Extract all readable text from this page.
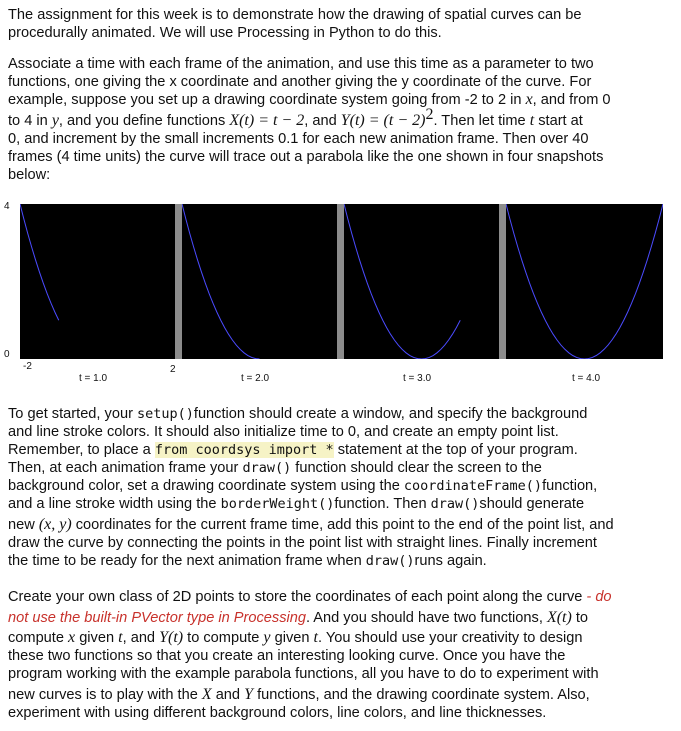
The assignment for this week is to demonstrate how the drawing of spatial curves can be
procedurally animated. We will use Processing in Python to do this.
Associate a time with each frame of the animation, and use this time as a parameter to two
functions, one giving the x coordinate and another giving the y coordinate of the curve. For
example, suppose you set up a drawing coordinate system going from -2 to 2 in x, and from 0
to 4 in y, and you define functions X(t) = t − 2, and $Y(t) = (t - 2)^2$. Then let time t start at
0, and increment by the small increments 0.1 for each new animation frame. Then over 40
frames (4 time units) the curve will trace out a parabola like the one shown in four snapshots
below:
4
0
-2	2
t = 1.0	t = 2.0	t = 3.0	t = 4.0
To get started, your setup()function should create a window, and specify the background
and line stroke colors. It should also initialize time to 0, and create an empty point list.
Remember, to place a from coordsys import * statement at the top of your program.
Then, at each animation frame your draw() function should clear the screen to the
background color, set a drawing coordinate system using the coordinateFrame()function,
and a line stroke width using the borderWeight()function. Then draw()should generate
new (x, y) coordinates for the current frame time, add this point to the end of the point list, and
draw the curve by connecting the points in the point list with straight lines. Finally increment
the time to be ready for the next animation frame when draw()runs again.
Create your own class of 2D points to store the coordinates of each point along the curve - do
not use the built-in PVector type in Processing. And you should have two functions, X(t) to
compute x given t, and Y(t) to compute y given t. You should use your creativity to design
these two functions so that you create an interesting looking curve. Once you have the
program working with the example parabola functions, all you have to do to experiment with
new curves is to play with the X and Y functions, and the drawing coordinate system. Also,
experiment with using different background colors, line colors, and line thicknesses.
